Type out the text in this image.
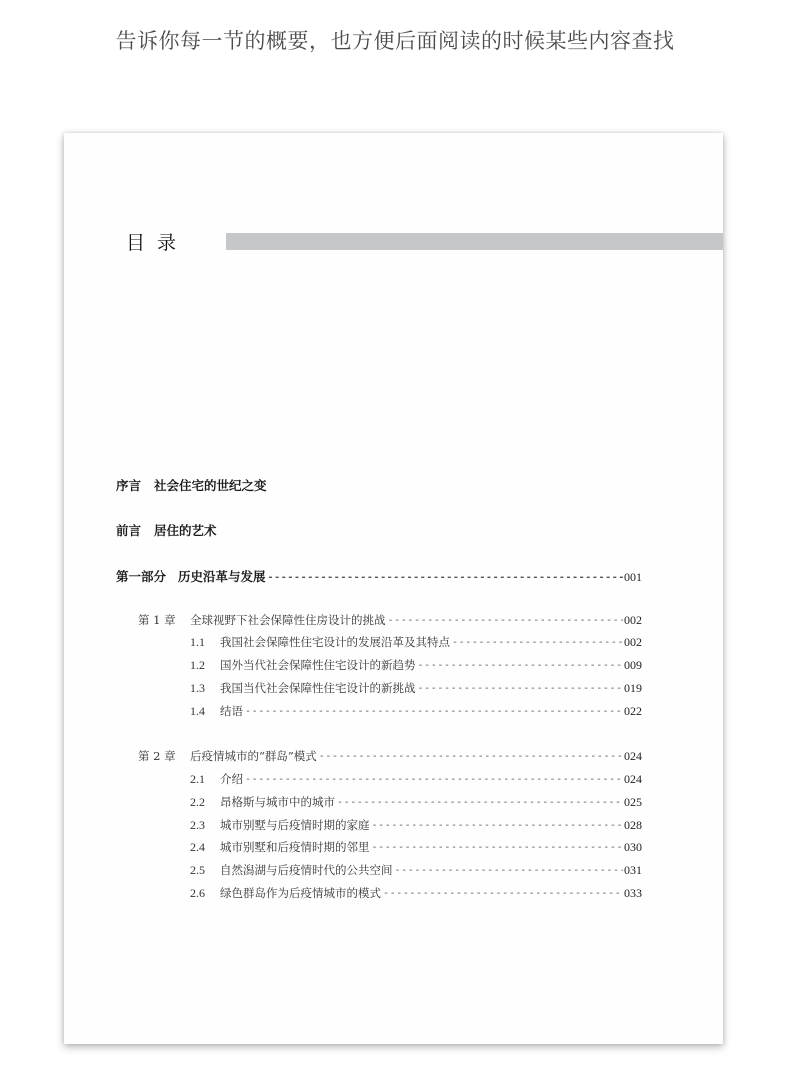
告诉你每一节的概要，也方便后面阅读的时候某些内容查找
目录
序言	社会住宅的世纪之变
前言	居住的艺术
第一部分 历史沿革与发展 -----	001
第 1 章	全球视野下社会保障性住房设计的挑战 -----	002
1.1	我国社会保障性住宅设计的发展沿革及其特点 -----	002
1.2	国外当代社会保障性住宅设计的新趋势 -----	009
1.3	我国当代社会保障性住宅设计的新挑战 -----	019
1.4	结语 -----	022
第 2 章	后疫情城市的“群岛”模式 -----	024
2.1	介绍 -----	024
2.2	昂格斯与城市中的城市 -----	025
2.3	城市别墅与后疫情时期的家庭 -----	028
2.4	城市别墅和后疫情时期的邻里 -----	030
2.5	自然潟湖与后疫情时代的公共空间 -----	031
2.6	绿色群岛作为后疫情城市的模式 -----	033
